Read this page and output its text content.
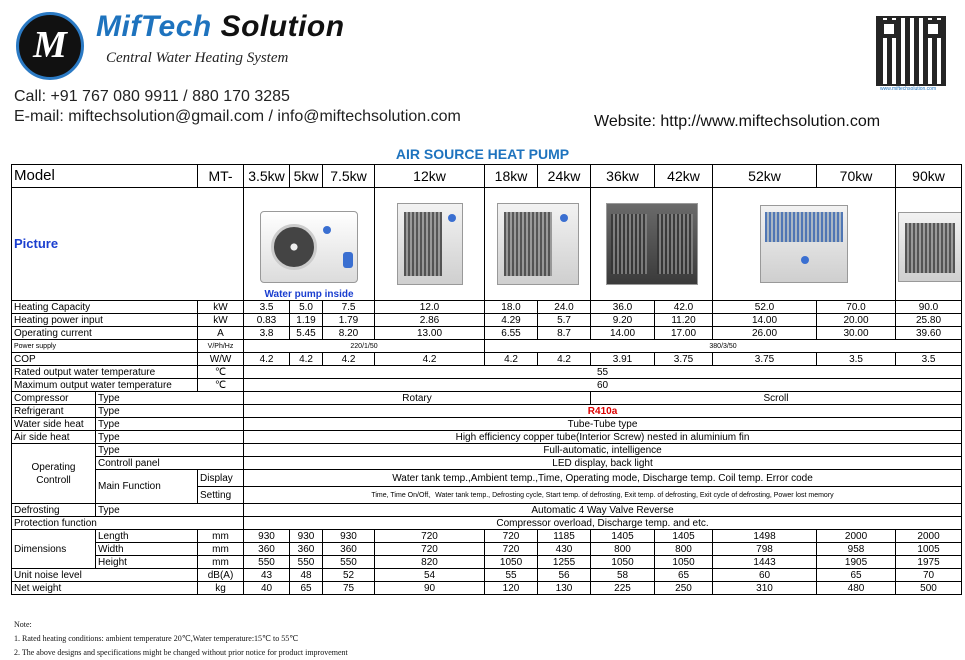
M MifTech Solution
Central Water Heating System
Call: +91 767 080 9911 / 880 170 3285
E-mail: miftechsolution@gmail.com / info@miftechsolution.com	Website: http://www.miftechsolution.com
www.miftechsolution.com
AIR SOURCE HEAT PUMP
Model		MT-	3.5kw	5kw	7.5kw	12kw	18kw	24kw	36kw	42kw	52kw	70kw	90kw
Picture			Water pump inside										

Heating Capacity		kW	3.5	5.0	7.5	12.0	18.0	24.0	36.0	42.0	52.0	70.0	90.0
Heating power input		kW	0.83	1.19	1.79	2.86	4.29	5.7	9.20	11.20	14.00	20.00	25.80
Operating current		A	3.8	5.45	8.20	13.00	6.55	8.7	14.00	17.00	26.00	30.00	39.60
Power supply		V/Ph/Hz	220/1/50				380/3/50						
COP		W/W	4.2	4.2	4.2	4.2	4.2	4.2	3.91	3.75	3.75	3.5	3.5
Rated output water temperature		℃	55										
Maximum output water temperature		℃	60										
Compressor	Type		Rotary						Scroll				
Refrigerant	Type		R410a										
Water side heat	Type		Tube-Tube type										
Air side heat	Type		High efficiency copper tube(Interior Screw) nested in aluminium fin										
Operating Controll	Type		Full-automatic, intelligence										
	Controll panel		LED display, back light										
	Main Function	Display	Water tank temp.,Ambient temp.,Time, Operating mode, Discharge temp. Coil temp. Error code										
		Setting	Time, Time On/Off、Water tank temp., Defrosting cycle, Start temp. of defrosting, Exit temp. of defrosting, Exit cycle of defrosting, Power lost memory										
Defrosting	Type		Automatic 4 Way Valve Reverse										
Protection function			Compressor overload, Discharge temp. and etc.										
Dimensions	Length	mm	930	930	930	720	720	1185	1405	1405	1498	2000	2000
	Width	mm	360	360	360	720	720	430	800	800	798	958	1005
	Height	mm	550	550	550	820	1050	1255	1050	1050	1443	1905	1975
Unit noise level		dB(A)	43	48	52	54	55	56	58	65	60	65	70
Net weight		kg	40	65	75	90	120	130	225	250	310	480	500
Note:
1. Rated heating conditions: ambient temperature 20℃,Water temperature:15℃ to 55℃
2. The above designs and specifications might be changed without prior notice for product improvement
